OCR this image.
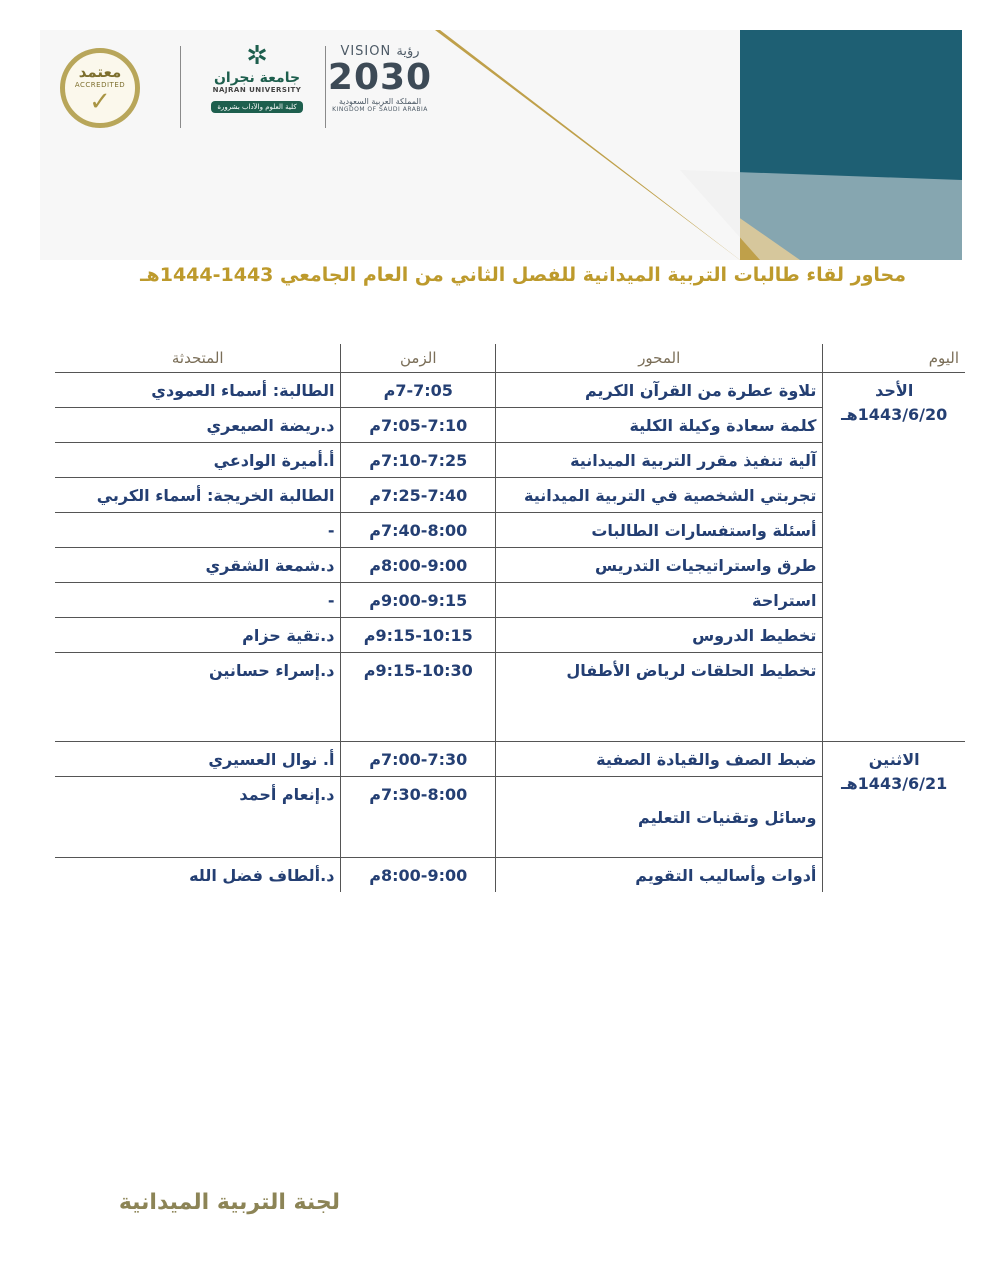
معتمد
ACCREDITED
✓
✲
جامعة نجران
NAJRAN UNIVERSITY
كلية العلوم والآداب بشرورة
VISION رؤية
2030
المملكة العربية السعودية
KINGDOM OF SAUDI ARABIA
محاور لقاء طالبات التربية الميدانية للفصل الثاني من العام الجامعي 1443-1444هـ
اليوم	المحور	الزمن	المتحدثة

الأحد
1443/6/20هـ	تلاوة عطرة من القرآن الكريم	7-7:05م	الطالبة: أسماء العمودي
	كلمة سعادة وكيلة الكلية	7:05-7:10م	د.ريضة الصيعري
	آلية تنفيذ مقرر التربية الميدانية	7:10-7:25م	أ.أميرة الوادعي
	تجربتي الشخصية في التربية الميدانية	7:25-7:40م	الطالبة الخريجة: أسماء الكربي
	أسئلة واستفسارات الطالبات	7:40-8:00م	-
	طرق واستراتيجيات التدريس	8:00-9:00م	د.شمعة الشقري
	استراحة	9:00-9:15م	-
	تخطيط الدروس	9:15-10:15م	د.تقية حزام
	تخطيط الحلقات لرياض الأطفال	9:15-10:30م	د.إسراء حسانين

الاثنين
1443/6/21هـ	ضبط الصف والقيادة الصفية	7:00-7:30م	أ. نوال العسيري
	وسائل وتقنيات التعليم	7:30-8:00م	د.إنعام أحمد
	أدوات وأساليب التقويم	8:00-9:00م	د.ألطاف فضل الله
لجنة التربية الميدانية
